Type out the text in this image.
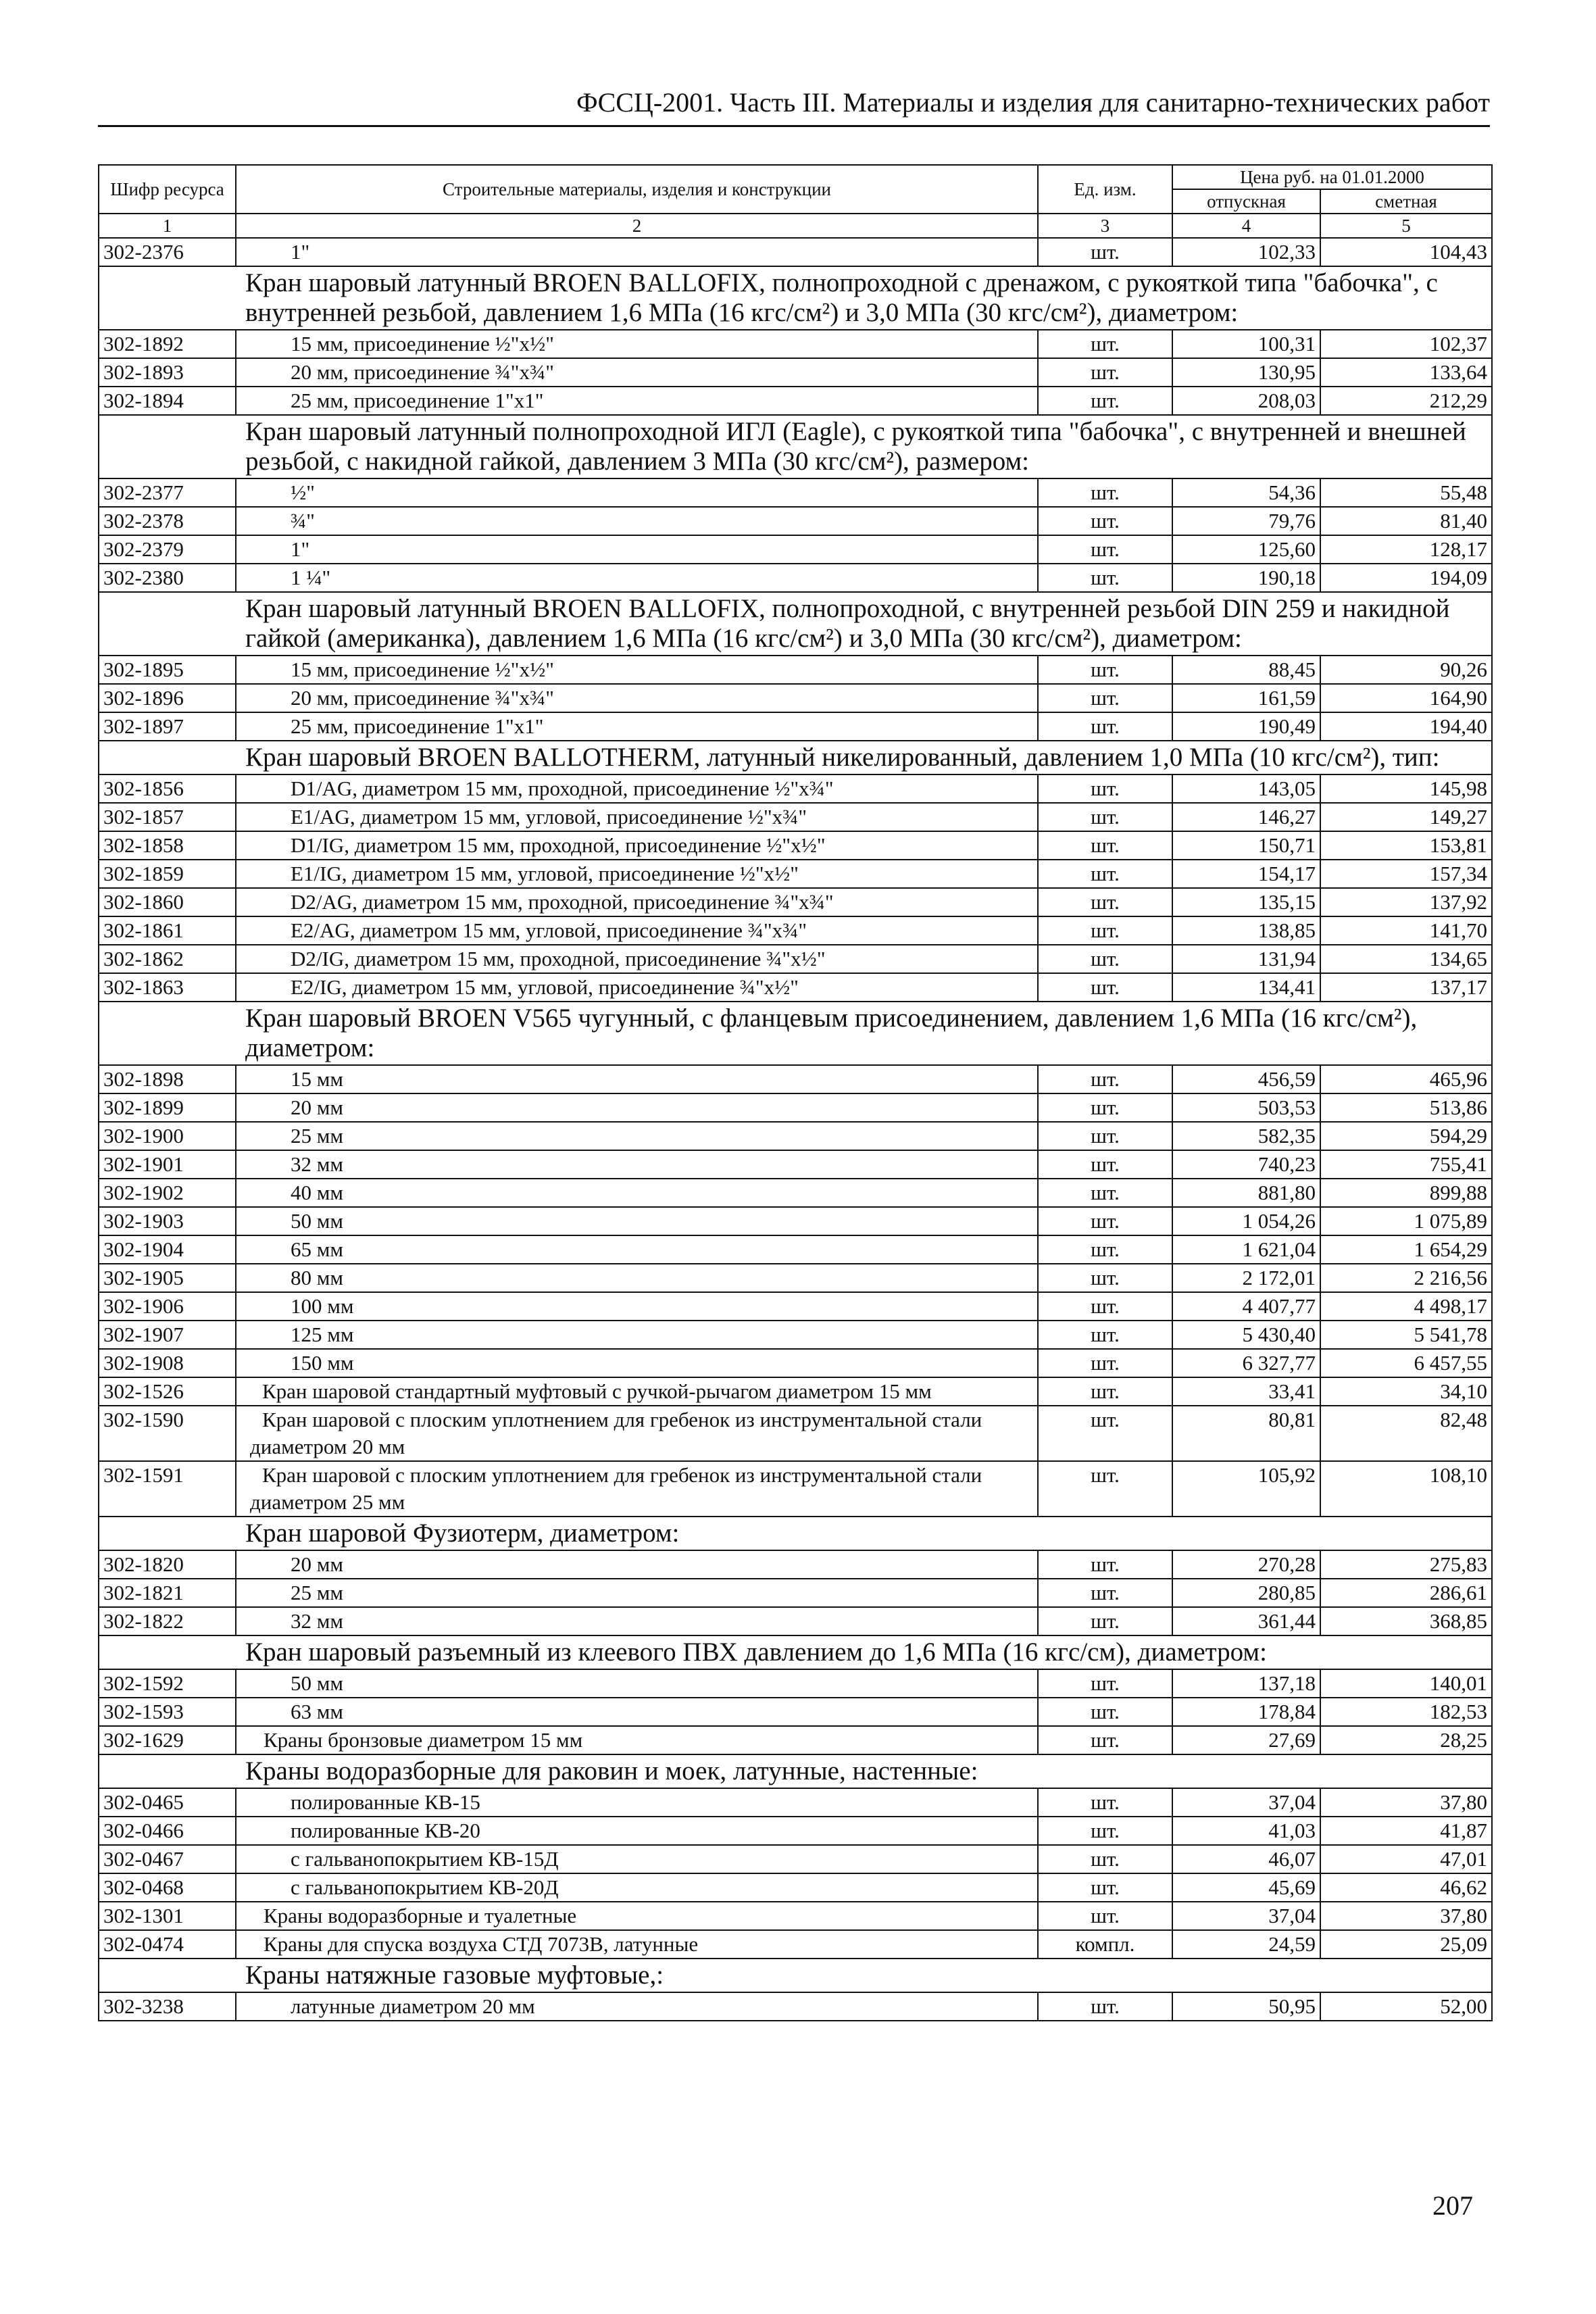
ФССЦ-2001. Часть III. Материалы и изделия для санитарно-технических работ
Шифр ресурса	Строительные материалы, изделия и конструкции	Ед. изм.	Цена руб. на 01.01.2000	
			отпускная	сметная
1	2	3	4	5
302-2376	1"	шт.	102,33	104,43
Кран шаровый латунный BROEN BALLOFIX, полнопроходной с дренажом, с рукояткой типа "бабочка", с внутренней резьбой, давлением 1,6 МПа (16 кгс/см²) и 3,0 МПа (30 кгс/см²), диаметром:				
302-1892	15 мм, присоединение ½"x½"	шт.	100,31	102,37
302-1893	20 мм, присоединение ¾"x¾"	шт.	130,95	133,64
302-1894	25 мм, присоединение 1"x1"	шт.	208,03	212,29
Кран шаровый латунный полнопроходной ИГЛ (Eagle), с рукояткой типа "бабочка", с внутренней и внешней резьбой, с накидной гайкой, давлением 3 МПа (30 кгс/см²), размером:				
302-2377	½"	шт.	54,36	55,48
302-2378	¾"	шт.	79,76	81,40
302-2379	1"	шт.	125,60	128,17
302-2380	1 ¼"	шт.	190,18	194,09
Кран шаровый латунный BROEN BALLOFIX, полнопроходной, с внутренней резьбой DIN 259 и накидной гайкой (американка), давлением 1,6 МПа (16 кгс/см²) и 3,0 МПа (30 кгс/см²), диаметром:				
302-1895	15 мм, присоединение ½"x½"	шт.	88,45	90,26
302-1896	20 мм, присоединение ¾"x¾"	шт.	161,59	164,90
302-1897	25 мм, присоединение 1"x1"	шт.	190,49	194,40
Кран шаровый BROEN BALLOTHERM, латунный никелированный, давлением 1,0 МПа (10 кгс/см²), тип:				
302-1856	D1/AG, диаметром 15 мм, проходной, присоединение ½"x¾"	шт.	143,05	145,98
302-1857	E1/AG, диаметром 15 мм, угловой, присоединение ½"x¾"	шт.	146,27	149,27
302-1858	D1/IG, диаметром 15 мм, проходной, присоединение ½"x½"	шт.	150,71	153,81
302-1859	E1/IG, диаметром 15 мм, угловой, присоединение ½"x½"	шт.	154,17	157,34
302-1860	D2/AG, диаметром 15 мм, проходной, присоединение ¾"x¾"	шт.	135,15	137,92
302-1861	E2/AG, диаметром 15 мм, угловой, присоединение ¾"x¾"	шт.	138,85	141,70
302-1862	D2/IG, диаметром 15 мм, проходной, присоединение ¾"x½"	шт.	131,94	134,65
302-1863	E2/IG, диаметром 15 мм, угловой, присоединение ¾"x½"	шт.	134,41	137,17
Кран шаровый BROEN V565 чугунный, с фланцевым присоединением, давлением 1,6 МПа (16 кгс/см²), диаметром:				
302-1898	15 мм	шт.	456,59	465,96
302-1899	20 мм	шт.	503,53	513,86
302-1900	25 мм	шт.	582,35	594,29
302-1901	32 мм	шт.	740,23	755,41
302-1902	40 мм	шт.	881,80	899,88
302-1903	50 мм	шт.	1 054,26	1 075,89
302-1904	65 мм	шт.	1 621,04	1 654,29
302-1905	80 мм	шт.	2 172,01	2 216,56
302-1906	100 мм	шт.	4 407,77	4 498,17
302-1907	125 мм	шт.	5 430,40	5 541,78
302-1908	150 мм	шт.	6 327,77	6 457,55
302-1526	Кран шаровой стандартный муфтовый с ручкой-рычагом диаметром 15 мм	шт.	33,41	34,10
302-1590	Кран шаровой с плоским уплотнением для гребенок из инструментальной стали диаметром 20 мм	шт.	80,81	82,48
302-1591	Кран шаровой с плоским уплотнением для гребенок из инструментальной стали диаметром 25 мм	шт.	105,92	108,10
Кран шаровой Фузиотерм, диаметром:				
302-1820	20 мм	шт.	270,28	275,83
302-1821	25 мм	шт.	280,85	286,61
302-1822	32 мм	шт.	361,44	368,85
Кран шаровый разъемный из клеевого ПВХ давлением до 1,6 МПа (16 кгс/см), диаметром:				
302-1592	50 мм	шт.	137,18	140,01
302-1593	63 мм	шт.	178,84	182,53
302-1629	Краны бронзовые диаметром 15 мм	шт.	27,69	28,25
Краны водоразборные для раковин и моек, латунные, настенные:				
302-0465	полированные КВ-15	шт.	37,04	37,80
302-0466	полированные КВ-20	шт.	41,03	41,87
302-0467	с гальванопокрытием КВ-15Д	шт.	46,07	47,01
302-0468	с гальванопокрытием КВ-20Д	шт.	45,69	46,62
302-1301	Краны водоразборные и туалетные	шт.	37,04	37,80
302-0474	Краны для спуска воздуха СТД 7073В, латунные	компл.	24,59	25,09
Краны натяжные газовые муфтовые,:				
302-3238	латунные диаметром 20 мм	шт.	50,95	52,00
207
